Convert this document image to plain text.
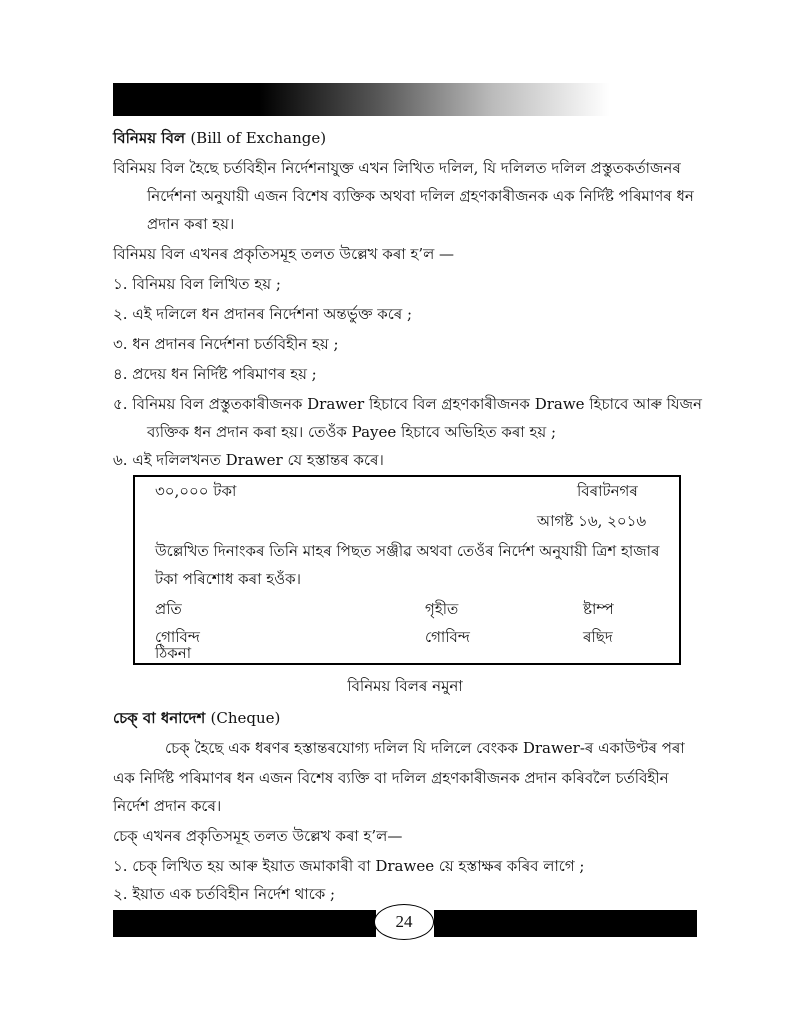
বিনিময় বিল (Bill of Exchange)
বিনিময় বিল হৈছে চৰ্তবিহীন নিৰ্দেশনাযুক্ত এখন লিখিত দলিল, যি দলিলত দলিল প্ৰস্তুতকৰ্তাজনৰ
নিৰ্দেশনা অনুযায়ী এজন বিশেষ ব্যক্তিক অথবা দলিল গ্ৰহণকাৰীজনক এক নিৰ্দিষ্ট পৰিমাণৰ ধন
প্ৰদান কৰা হয়।
বিনিময় বিল এখনৰ প্ৰকৃতিসমূহ তলত উল্লেখ কৰা হ’ল —
১. বিনিময় বিল লিখিত হয় ;
২. এই দলিলে ধন প্ৰদানৰ নিৰ্দেশনা অন্তৰ্ভুক্ত কৰে ;
৩. ধন প্ৰদানৰ নিৰ্দেশনা চৰ্তবিহীন হয় ;
৪. প্ৰদেয় ধন নিৰ্দিষ্ট পৰিমাণৰ হয় ;
৫. বিনিময় বিল প্ৰস্তুতকাৰীজনক Drawer হিচাবে বিল গ্ৰহণকাৰীজনক Drawe হিচাবে আৰু যিজন
ব্যক্তিক ধন প্ৰদান কৰা হয়। তেওঁক Payee হিচাবে অভিহিত কৰা হয় ;
৬. এই দলিলখনত Drawer যে হস্তান্তৰ কৰে।
৩০,০০০ টকা	বিৰাটনগৰ
আগষ্ট ১৬, ২০১৬
উল্লেখিত দিনাংকৰ তিনি মাহৰ পিছত সঞ্জীৱ অথবা তেওঁৰ নিৰ্দেশ অনুযায়ী ত্ৰিশ হাজাৰ
টকা পৰিশোধ কৰা হওঁক।
প্ৰতি	গৃহীত	ষ্টাম্প
গোবিন্দ	গোবিন্দ	ৰছিদ
ঠিকনা
বিনিময় বিলৰ নমুনা
চেক্ বা ধনাদেশ (Cheque)
চেক্ হৈছে এক ধৰণৰ হস্তান্তৰযোগ্য দলিল যি দলিলে বেংকক Drawer-ৰ একাউণ্টৰ পৰা
এক নিৰ্দিষ্ট পৰিমাণৰ ধন এজন বিশেষ ব্যক্তি বা দলিল গ্ৰহণকাৰীজনক প্ৰদান কৰিবলৈ চৰ্তবিহীন
নিৰ্দেশ প্ৰদান কৰে।
চেক্ এখনৰ প্ৰকৃতিসমূহ তলত উল্লেখ কৰা হ’ল—
১. চেক্ লিখিত হয় আৰু ইয়াত জমাকাৰী বা Drawee য়ে হস্তাক্ষৰ কৰিব লাগে ;
২. ইয়াত এক চৰ্তবিহীন নিৰ্দেশ থাকে ;
24
